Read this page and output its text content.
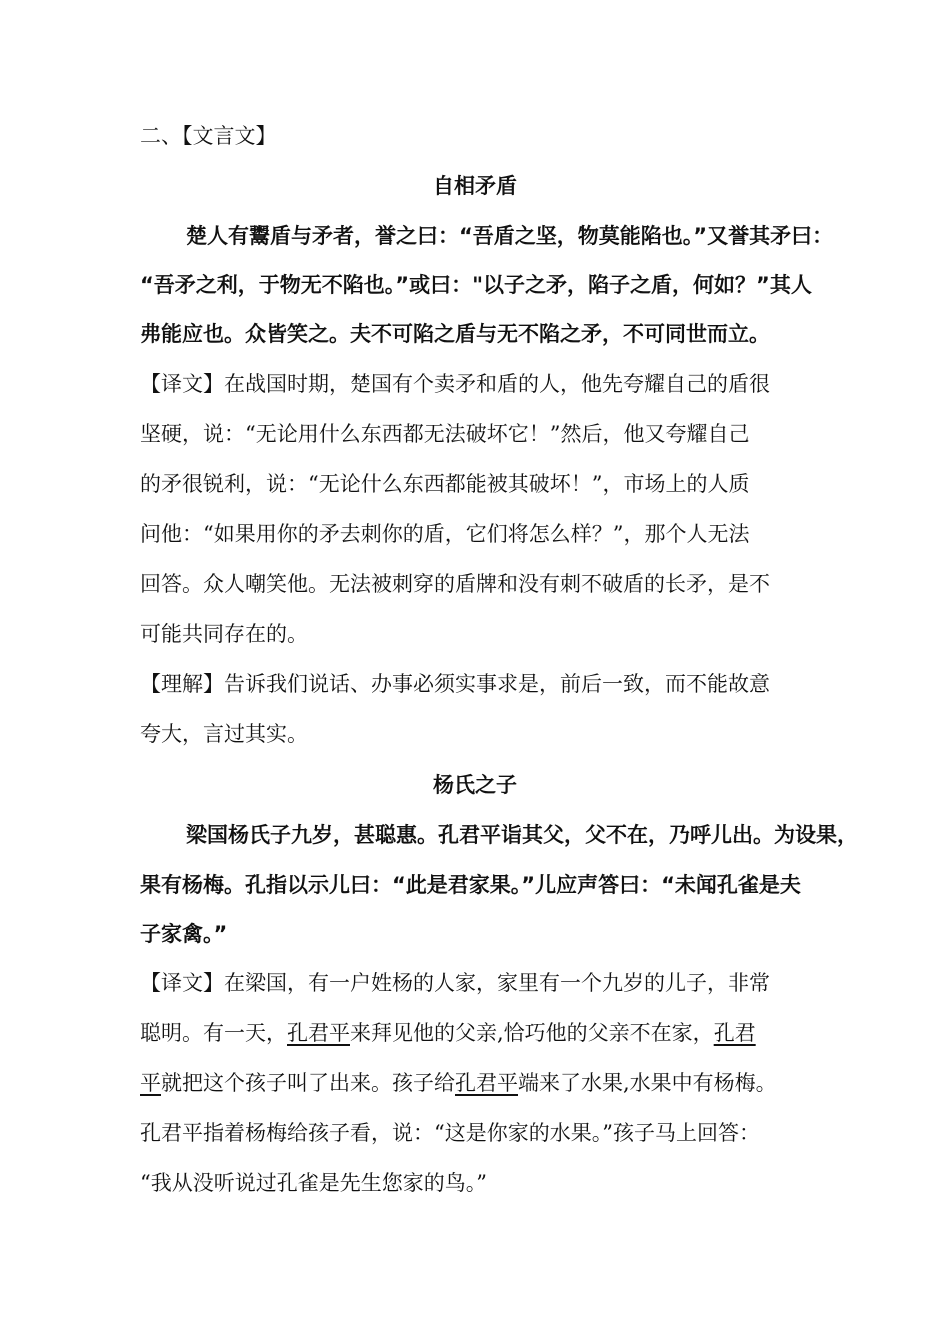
二、【文言文】
自相矛盾
楚人有鬻盾与矛者，誉之曰：“吾盾之坚，物莫能陷也。”又誉其矛曰：
“吾矛之利，于物无不陷也。”或曰："以子之矛，陷子之盾，何如？”其人
弗能应也。众皆笑之。夫不可陷之盾与无不陷之矛，不可同世而立。
【译文】在战国时期，楚国有个卖矛和盾的人，他先夸耀自己的盾很
坚硬，说：“无论用什么东西都无法破坏它！”然后，他又夸耀自己
的矛很锐利，说：“无论什么东西都能被其破坏！”，市场上的人质
问他：“如果用你的矛去刺你的盾，它们将怎么样？”，那个人无法
回答。众人嘲笑他。无法被刺穿的盾牌和没有刺不破盾的长矛，是不
可能共同存在的。
【理解】告诉我们说话、办事必须实事求是，前后一致，而不能故意
夸大，言过其实。
杨氏之子
梁国杨氏子九岁，甚聪惠。孔君平诣其父，父不在，乃呼儿出。为设果，
果有杨梅。孔指以示儿曰：“此是君家果。”儿应声答曰：“未闻孔雀是夫
子家禽。”
【译文】在梁国，有一户姓杨的人家，家里有一个九岁的儿子，非常
聪明。有一天，孔君平来拜见他的父亲,恰巧他的父亲不在家，孔君
平就把这个孩子叫了出来。孩子给孔君平端来了水果,水果中有杨梅。
孔君平指着杨梅给孩子看，说：“这是你家的水果。”孩子马上回答：
“我从没听说过孔雀是先生您家的鸟。”
